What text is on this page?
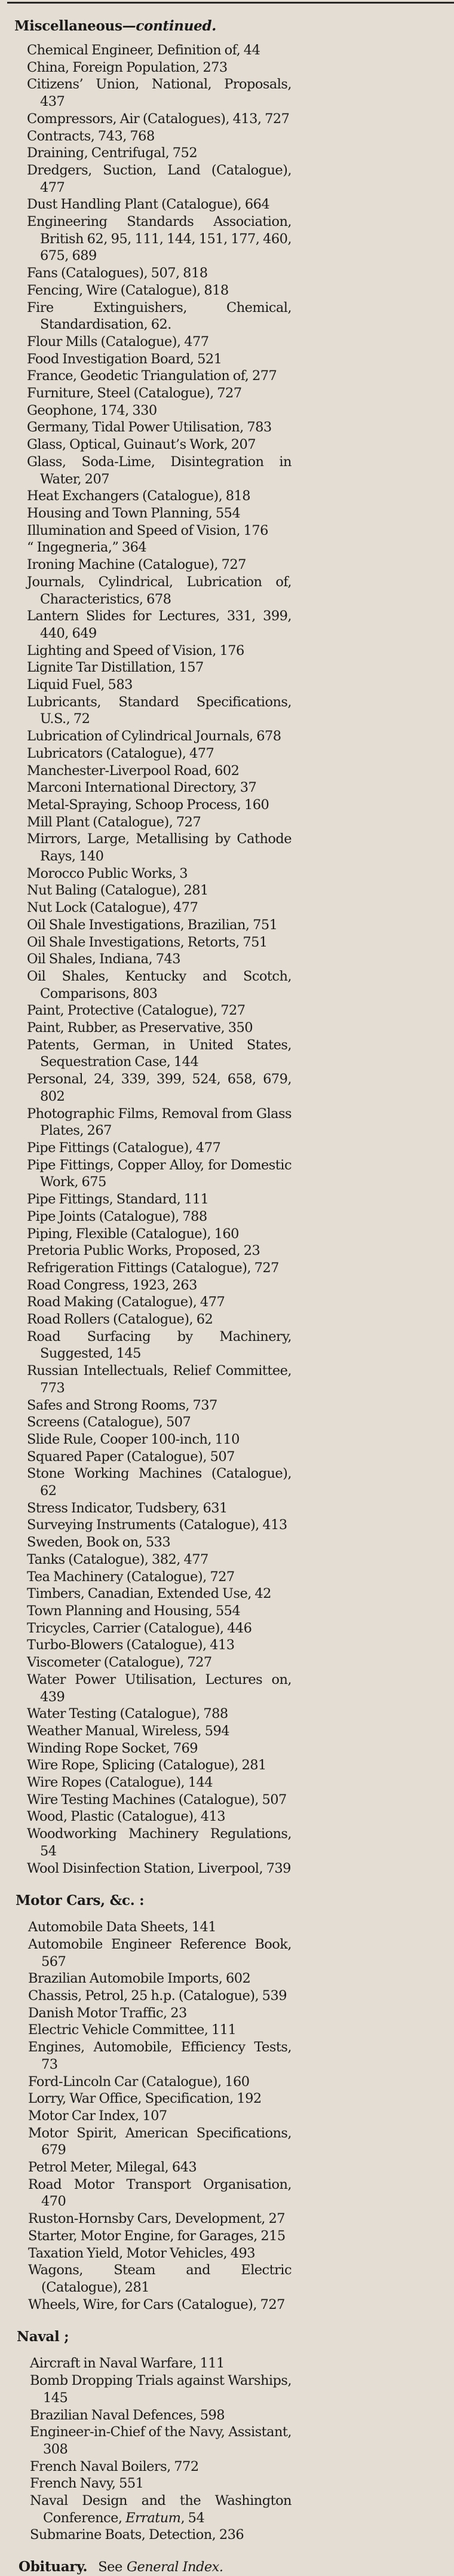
Miscellaneous—continued.
Chemical Engineer, Definition of, 44
China, Foreign Population, 273
Citizens’ Union, National, Proposals, 437
Compressors, Air (Catalogues), 413, 727
Contracts, 743, 768
Draining, Centrifugal, 752
Dredgers, Suction, Land (Catalogue), 477
Dust Handling Plant (Catalogue), 664
Engineering Standards Association, British 62, 95, 111, 144, 151, 177, 460, 675, 689
Fans (Catalogues), 507, 818
Fencing, Wire (Catalogue), 818
Fire Extinguishers, Chemical, Standardisation, 62.
Flour Mills (Catalogue), 477
Food Investigation Board, 521
France, Geodetic Triangulation of, 277
Furniture, Steel (Catalogue), 727
Geophone, 174, 330
Germany, Tidal Power Utilisation, 783
Glass, Optical, Guinaut’s Work, 207
Glass, Soda-Lime, Disintegration in Water, 207
Heat Exchangers (Catalogue), 818
Housing and Town Planning, 554
Illumination and Speed of Vision, 176
“ Ingegneria,” 364
Ironing Machine (Catalogue), 727
Journals, Cylindrical, Lubrication of, Characteristics, 678
Lantern Slides for Lectures, 331, 399, 440, 649
Lighting and Speed of Vision, 176
Lignite Tar Distillation, 157
Liquid Fuel, 583
Lubricants, Standard Specifications, U.S., 72
Lubrication of Cylindrical Journals, 678
Lubricators (Catalogue), 477
Manchester-Liverpool Road, 602
Marconi International Directory, 37
Metal-Spraying, Schoop Process, 160
Mill Plant (Catalogue), 727
Mirrors, Large, Metallising by Cathode Rays, 140
Morocco Public Works, 3
Nut Baling (Catalogue), 281
Nut Lock (Catalogue), 477
Oil Shale Investigations, Brazilian, 751
Oil Shale Investigations, Retorts, 751
Oil Shales, Indiana, 743
Oil Shales, Kentucky and Scotch, Comparisons, 803
Paint, Protective (Catalogue), 727
Paint, Rubber, as Preservative, 350
Patents, German, in United States, Sequestration Case, 144
Personal, 24, 339, 399, 524, 658, 679, 802
Photographic Films, Removal from Glass Plates, 267
Pipe Fittings (Catalogue), 477
Pipe Fittings, Copper Alloy, for Domestic Work, 675
Pipe Fittings, Standard, 111
Pipe Joints (Catalogue), 788
Piping, Flexible (Catalogue), 160
Pretoria Public Works, Proposed, 23
Refrigeration Fittings (Catalogue), 727
Road Congress, 1923, 263
Road Making (Catalogue), 477
Road Rollers (Catalogue), 62
Road Surfacing by Machinery, Suggested, 145
Russian Intellectuals, Relief Committee, 773
Safes and Strong Rooms, 737
Screens (Catalogue), 507
Slide Rule, Cooper 100-inch, 110
Squared Paper (Catalogue), 507
Stone Working Machines (Catalogue), 62
Stress Indicator, Tudsbery, 631
Surveying Instruments (Catalogue), 413
Sweden, Book on, 533
Tanks (Catalogue), 382, 477
Tea Machinery (Catalogue), 727
Timbers, Canadian, Extended Use, 42
Town Planning and Housing, 554
Tricycles, Carrier (Catalogue), 446
Turbo-Blowers (Catalogue), 413
Viscometer (Catalogue), 727
Water Power Utilisation, Lectures on, 439
Water Testing (Catalogue), 788
Weather Manual, Wireless, 594
Winding Rope Socket, 769
Wire Rope, Splicing (Catalogue), 281
Wire Ropes (Catalogue), 144
Wire Testing Machines (Catalogue), 507
Wood, Plastic (Catalogue), 413
Woodworking Machinery Regulations, 54
Wool Disinfection Station, Liverpool, 739
Motor Cars, &c. :
Automobile Data Sheets, 141
Automobile Engineer Reference Book, 567
Brazilian Automobile Imports, 602
Chassis, Petrol, 25 h.p. (Catalogue), 539
Danish Motor Traffic, 23
Electric Vehicle Committee, 111
Engines, Automobile, Efficiency Tests, 73
Ford-Lincoln Car (Catalogue), 160
Lorry, War Office, Specification, 192
Motor Car Index, 107
Motor Spirit, American Specifications, 679
Petrol Meter, Milegal, 643
Road Motor Transport Organisation, 470
Ruston-Hornsby Cars, Development, 27
Starter, Motor Engine, for Garages, 215
Taxation Yield, Motor Vehicles, 493
Wagons, Steam and Electric (Catalogue), 281
Wheels, Wire, for Cars (Catalogue), 727
Naval ;
Aircraft in Naval Warfare, 111
Bomb Dropping Trials against Warships, 145
Brazilian Naval Defences, 598
Engineer-in-Chief of the Navy, Assistant, 308
French Naval Boilers, 772
French Navy, 551
Naval Design and the Washington Conference, Erratum, 54
Submarine Boats, Detection, 236
Obituary. See General Index.
